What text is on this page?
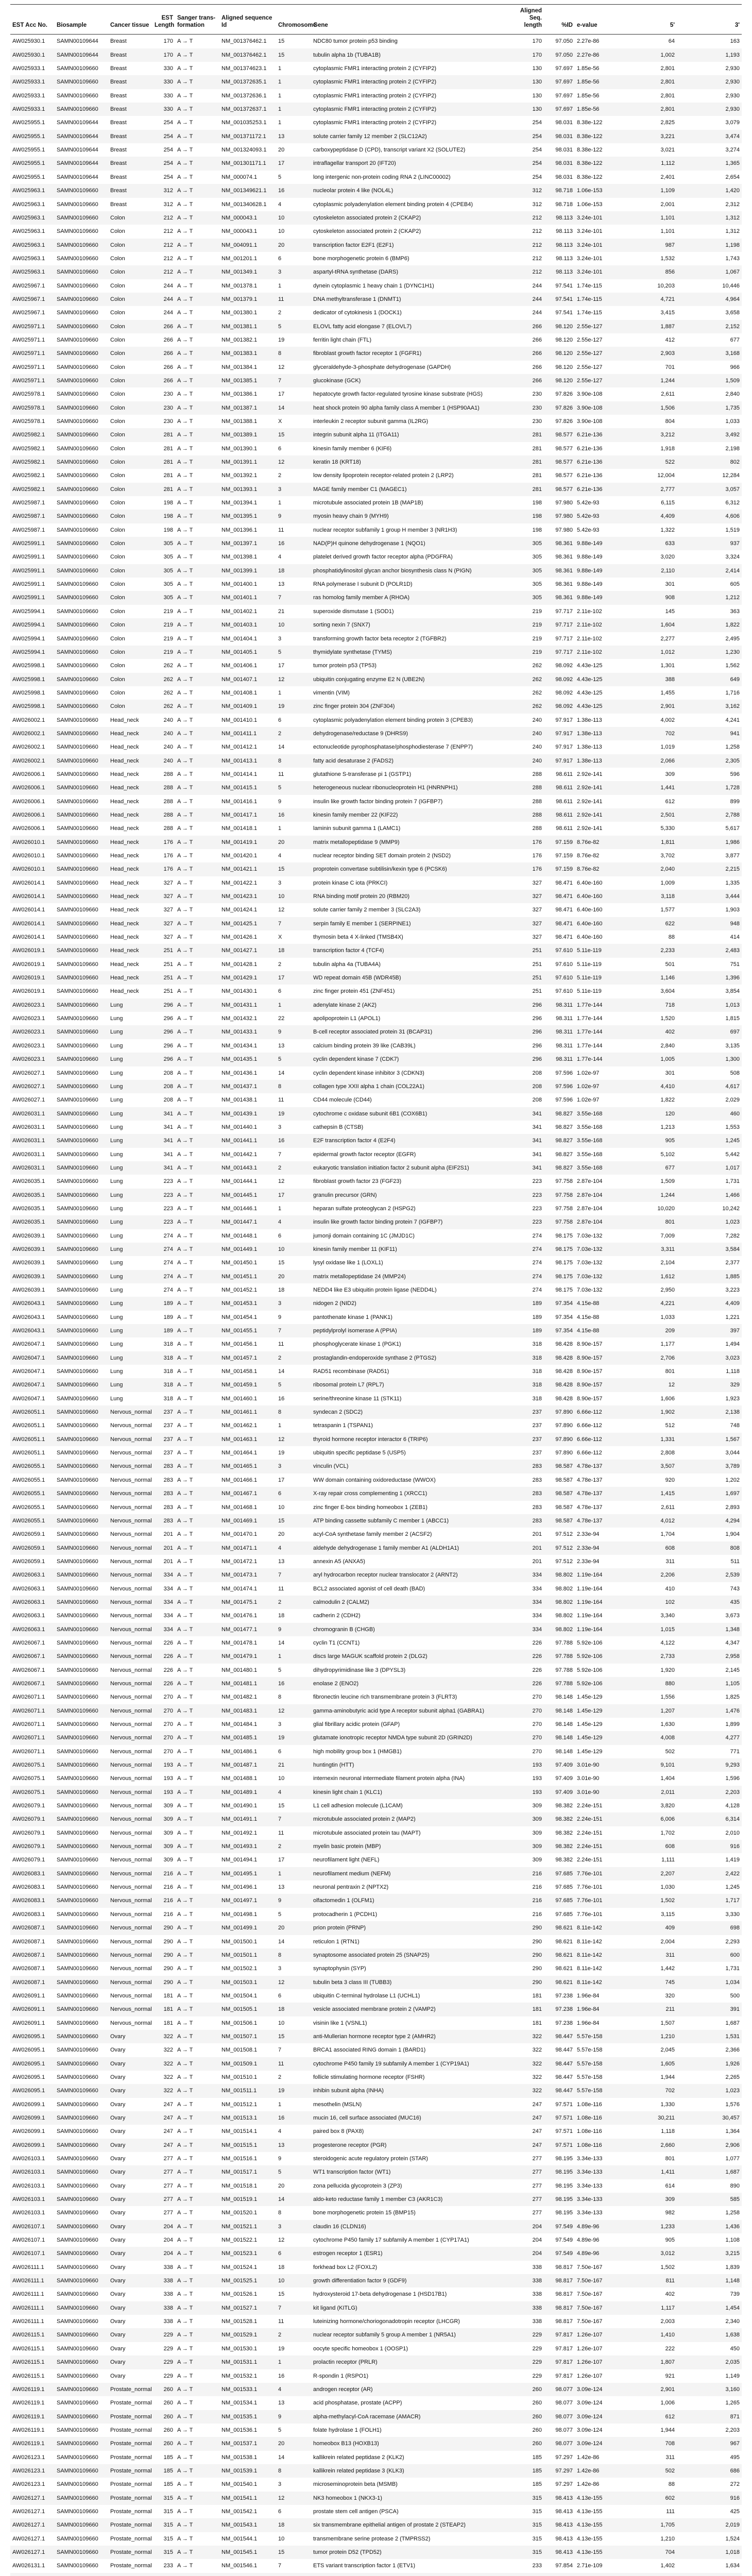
EST Acc No.	Biosample	Cancer tissue	EST Length	Sanger trans-formation	Aligned sequence Id	Chromosome	Gene	Aligned Seq. length	%ID	e-value	5'	3'
AW025930.1	SAMN00109644	Breast	170	A → T	NM_001376462.1	15	NDC80 tumor protein p53 binding	170	97.050	2.27e-86	64	163
AW025930.1	SAMN00109644	Breast	170	A → T	NM_001376462.1	15	tubulin alpha 1b (TUBA1B)	170	97.050	2.27e-86	1,002	1,193
AW025933.1	SAMN00109660	Breast	330	A → T	NM_001374623.1	1	cytoplasmic FMR1 interacting protein 2 (CYFIP2)	130	97.697	1.85e-56	2,801	2,930
AW025933.1	SAMN00109660	Breast	330	A → T	NM_001372635.1	1	cytoplasmic FMR1 interacting protein 2 (CYFIP2)	130	97.697	1.85e-56	2,801	2,930
AW025933.1	SAMN00109660	Breast	330	A → T	NM_001372636.1	1	cytoplasmic FMR1 interacting protein 2 (CYFIP2)	130	97.697	1.85e-56	2,801	2,930
AW025933.1	SAMN00109660	Breast	330	A → T	NM_001372637.1	1	cytoplasmic FMR1 interacting protein 2 (CYFIP2)	130	97.697	1.85e-56	2,801	2,930
AW025955.1	SAMN00109644	Breast	254	A → T	NM_001035253.1	1	cytoplasmic FMR1 interacting protein 2 (CYFIP2)	254	98.031	8.38e-122	2,825	3,079
AW025955.1	SAMN00109644	Breast	254	A → T	NM_001371172.1	13	solute carrier family 12 member 2 (SLC12A2)	254	98.031	8.38e-122	3,221	3,474
AW025955.1	SAMN00109644	Breast	254	A → T	NM_001324093.1	20	carboxypeptidase D (CPD), transcript variant X2 (SOLUTE2)	254	98.031	8.38e-122	3,021	3,274
AW025955.1	SAMN00109644	Breast	254	A → T	NM_001301171.1	17	intraflagellar transport 20 (IFT20)	254	98.031	8.38e-122	1,112	1,365
AW025955.1	SAMN00109644	Breast	254	A → T	NM_000074.1	5	long intergenic non-protein coding RNA 2 (LINC00002)	254	98.031	8.38e-122	2,401	2,654
AW025963.1	SAMN00109660	Breast	312	A → T	NM_001349621.1	16	nucleolar protein 4 like (NOL4L)	312	98.718	1.06e-153	1,109	1,420
AW025963.1	SAMN00109660	Breast	312	A → T	NM_001340628.1	4	cytoplasmic polyadenylation element binding protein 4 (CPEB4)	312	98.718	1.06e-153	2,001	2,312
AW025963.1	SAMN00109660	Colon	212	A → T	NM_000043.1	10	cytoskeleton associated protein 2 (CKAP2)	212	98.113	3.24e-101	1,101	1,312
AW025963.1	SAMN00109660	Colon	212	A → T	NM_000043.1	10	cytoskeleton associated protein 2 (CKAP2)	212	98.113	3.24e-101	1,101	1,312
AW025963.1	SAMN00109660	Colon	212	A → T	NM_004091.1	20	transcription factor E2F1 (E2F1)	212	98.113	3.24e-101	987	1,198
AW025963.1	SAMN00109660	Colon	212	A → T	NM_001201.1	6	bone morphogenetic protein 6 (BMP6)	212	98.113	3.24e-101	1,532	1,743
AW025963.1	SAMN00109660	Colon	212	A → T	NM_001349.1	3	aspartyl-tRNA synthetase (DARS)	212	98.113	3.24e-101	856	1,067
AW025967.1	SAMN00109660	Colon	244	A → T	NM_001378.1	1	dynein cytoplasmic 1 heavy chain 1 (DYNC1H1)	244	97.541	1.74e-115	10,203	10,446
AW025967.1	SAMN00109660	Colon	244	A → T	NM_001379.1	11	DNA methyltransferase 1 (DNMT1)	244	97.541	1.74e-115	4,721	4,964
AW025967.1	SAMN00109660	Colon	244	A → T	NM_001380.1	2	dedicator of cytokinesis 1 (DOCK1)	244	97.541	1.74e-115	3,415	3,658
AW025971.1	SAMN00109660	Colon	266	A → T	NM_001381.1	5	ELOVL fatty acid elongase 7 (ELOVL7)	266	98.120	2.55e-127	1,887	2,152
AW025971.1	SAMN00109660	Colon	266	A → T	NM_001382.1	19	ferritin light chain (FTL)	266	98.120	2.55e-127	412	677
AW025971.1	SAMN00109660	Colon	266	A → T	NM_001383.1	8	fibroblast growth factor receptor 1 (FGFR1)	266	98.120	2.55e-127	2,903	3,168
AW025971.1	SAMN00109660	Colon	266	A → T	NM_001384.1	12	glyceraldehyde-3-phosphate dehydrogenase (GAPDH)	266	98.120	2.55e-127	701	966
AW025971.1	SAMN00109660	Colon	266	A → T	NM_001385.1	7	glucokinase (GCK)	266	98.120	2.55e-127	1,244	1,509
AW025978.1	SAMN00109660	Colon	230	A → T	NM_001386.1	17	hepatocyte growth factor-regulated tyrosine kinase substrate (HGS)	230	97.826	3.90e-108	2,611	2,840
AW025978.1	SAMN00109660	Colon	230	A → T	NM_001387.1	14	heat shock protein 90 alpha family class A member 1 (HSP90AA1)	230	97.826	3.90e-108	1,506	1,735
AW025978.1	SAMN00109660	Colon	230	A → T	NM_001388.1	X	interleukin 2 receptor subunit gamma (IL2RG)	230	97.826	3.90e-108	804	1,033
AW025982.1	SAMN00109660	Colon	281	A → T	NM_001389.1	15	integrin subunit alpha 11 (ITGA11)	281	98.577	6.21e-136	3,212	3,492
AW025982.1	SAMN00109660	Colon	281	A → T	NM_001390.1	6	kinesin family member 6 (KIF6)	281	98.577	6.21e-136	1,918	2,198
AW025982.1	SAMN00109660	Colon	281	A → T	NM_001391.1	12	keratin 18 (KRT18)	281	98.577	6.21e-136	522	802
AW025982.1	SAMN00109660	Colon	281	A → T	NM_001392.1	2	low density lipoprotein receptor-related protein 2 (LRP2)	281	98.577	6.21e-136	12,004	12,284
AW025982.1	SAMN00109660	Colon	281	A → T	NM_001393.1	3	MAGE family member C1 (MAGEC1)	281	98.577	6.21e-136	2,777	3,057
AW025987.1	SAMN00109660	Colon	198	A → T	NM_001394.1	1	microtubule associated protein 1B (MAP1B)	198	97.980	5.42e-93	6,115	6,312
AW025987.1	SAMN00109660	Colon	198	A → T	NM_001395.1	9	myosin heavy chain 9 (MYH9)	198	97.980	5.42e-93	4,409	4,606
AW025987.1	SAMN00109660	Colon	198	A → T	NM_001396.1	11	nuclear receptor subfamily 1 group H member 3 (NR1H3)	198	97.980	5.42e-93	1,322	1,519
AW025991.1	SAMN00109660	Colon	305	A → T	NM_001397.1	16	NAD(P)H quinone dehydrogenase 1 (NQO1)	305	98.361	9.88e-149	633	937
AW025991.1	SAMN00109660	Colon	305	A → T	NM_001398.1	4	platelet derived growth factor receptor alpha (PDGFRA)	305	98.361	9.88e-149	3,020	3,324
AW025991.1	SAMN00109660	Colon	305	A → T	NM_001399.1	18	phosphatidylinositol glycan anchor biosynthesis class N (PIGN)	305	98.361	9.88e-149	2,110	2,414
AW025991.1	SAMN00109660	Colon	305	A → T	NM_001400.1	13	RNA polymerase I subunit D (POLR1D)	305	98.361	9.88e-149	301	605
AW025991.1	SAMN00109660	Colon	305	A → T	NM_001401.1	7	ras homolog family member A (RHOA)	305	98.361	9.88e-149	908	1,212
AW025994.1	SAMN00109660	Colon	219	A → T	NM_001402.1	21	superoxide dismutase 1 (SOD1)	219	97.717	2.11e-102	145	363
AW025994.1	SAMN00109660	Colon	219	A → T	NM_001403.1	10	sorting nexin 7 (SNX7)	219	97.717	2.11e-102	1,604	1,822
AW025994.1	SAMN00109660	Colon	219	A → T	NM_001404.1	3	transforming growth factor beta receptor 2 (TGFBR2)	219	97.717	2.11e-102	2,277	2,495
AW025994.1	SAMN00109660	Colon	219	A → T	NM_001405.1	5	thymidylate synthetase (TYMS)	219	97.717	2.11e-102	1,012	1,230
AW025998.1	SAMN00109660	Colon	262	A → T	NM_001406.1	17	tumor protein p53 (TP53)	262	98.092	4.43e-125	1,301	1,562
AW025998.1	SAMN00109660	Colon	262	A → T	NM_001407.1	12	ubiquitin conjugating enzyme E2 N (UBE2N)	262	98.092	4.43e-125	388	649
AW025998.1	SAMN00109660	Colon	262	A → T	NM_001408.1	1	vimentin (VIM)	262	98.092	4.43e-125	1,455	1,716
AW025998.1	SAMN00109660	Colon	262	A → T	NM_001409.1	19	zinc finger protein 304 (ZNF304)	262	98.092	4.43e-125	2,901	3,162
AW026002.1	SAMN00109660	Head_neck	240	A → T	NM_001410.1	6	cytoplasmic polyadenylation element binding protein 3 (CPEB3)	240	97.917	1.38e-113	4,002	4,241
AW026002.1	SAMN00109660	Head_neck	240	A → T	NM_001411.1	2	dehydrogenase/reductase 9 (DHRS9)	240	97.917	1.38e-113	702	941
AW026002.1	SAMN00109660	Head_neck	240	A → T	NM_001412.1	14	ectonucleotide pyrophosphatase/phosphodiesterase 7 (ENPP7)	240	97.917	1.38e-113	1,019	1,258
AW026002.1	SAMN00109660	Head_neck	240	A → T	NM_001413.1	8	fatty acid desaturase 2 (FADS2)	240	97.917	1.38e-113	2,066	2,305
AW026006.1	SAMN00109660	Head_neck	288	A → T	NM_001414.1	11	glutathione S-transferase pi 1 (GSTP1)	288	98.611	2.92e-141	309	596
AW026006.1	SAMN00109660	Head_neck	288	A → T	NM_001415.1	5	heterogeneous nuclear ribonucleoprotein H1 (HNRNPH1)	288	98.611	2.92e-141	1,441	1,728
AW026006.1	SAMN00109660	Head_neck	288	A → T	NM_001416.1	9	insulin like growth factor binding protein 7 (IGFBP7)	288	98.611	2.92e-141	612	899
AW026006.1	SAMN00109660	Head_neck	288	A → T	NM_001417.1	16	kinesin family member 22 (KIF22)	288	98.611	2.92e-141	2,501	2,788
AW026006.1	SAMN00109660	Head_neck	288	A → T	NM_001418.1	1	laminin subunit gamma 1 (LAMC1)	288	98.611	2.92e-141	5,330	5,617
AW026010.1	SAMN00109660	Head_neck	176	A → T	NM_001419.1	20	matrix metallopeptidase 9 (MMP9)	176	97.159	8.76e-82	1,811	1,986
AW026010.1	SAMN00109660	Head_neck	176	A → T	NM_001420.1	4	nuclear receptor binding SET domain protein 2 (NSD2)	176	97.159	8.76e-82	3,702	3,877
AW026010.1	SAMN00109660	Head_neck	176	A → T	NM_001421.1	15	proprotein convertase subtilisin/kexin type 6 (PCSK6)	176	97.159	8.76e-82	2,040	2,215
AW026014.1	SAMN00109660	Head_neck	327	A → T	NM_001422.1	3	protein kinase C iota (PRKCI)	327	98.471	6.40e-160	1,009	1,335
AW026014.1	SAMN00109660	Head_neck	327	A → T	NM_001423.1	10	RNA binding motif protein 20 (RBM20)	327	98.471	6.40e-160	3,118	3,444
AW026014.1	SAMN00109660	Head_neck	327	A → T	NM_001424.1	12	solute carrier family 2 member 3 (SLC2A3)	327	98.471	6.40e-160	1,577	1,903
AW026014.1	SAMN00109660	Head_neck	327	A → T	NM_001425.1	7	serpin family E member 1 (SERPINE1)	327	98.471	6.40e-160	622	948
AW026014.1	SAMN00109660	Head_neck	327	A → T	NM_001426.1	X	thymosin beta 4 X-linked (TMSB4X)	327	98.471	6.40e-160	88	414
AW026019.1	SAMN00109660	Head_neck	251	A → T	NM_001427.1	18	transcription factor 4 (TCF4)	251	97.610	5.11e-119	2,233	2,483
AW026019.1	SAMN00109660	Head_neck	251	A → T	NM_001428.1	2	tubulin alpha 4a (TUBA4A)	251	97.610	5.11e-119	501	751
AW026019.1	SAMN00109660	Head_neck	251	A → T	NM_001429.1	17	WD repeat domain 45B (WDR45B)	251	97.610	5.11e-119	1,146	1,396
AW026019.1	SAMN00109660	Head_neck	251	A → T	NM_001430.1	6	zinc finger protein 451 (ZNF451)	251	97.610	5.11e-119	3,604	3,854
AW026023.1	SAMN00109660	Lung	296	A → T	NM_001431.1	1	adenylate kinase 2 (AK2)	296	98.311	1.77e-144	718	1,013
AW026023.1	SAMN00109660	Lung	296	A → T	NM_001432.1	22	apolipoprotein L1 (APOL1)	296	98.311	1.77e-144	1,520	1,815
AW026023.1	SAMN00109660	Lung	296	A → T	NM_001433.1	9	B-cell receptor associated protein 31 (BCAP31)	296	98.311	1.77e-144	402	697
AW026023.1	SAMN00109660	Lung	296	A → T	NM_001434.1	13	calcium binding protein 39 like (CAB39L)	296	98.311	1.77e-144	2,840	3,135
AW026023.1	SAMN00109660	Lung	296	A → T	NM_001435.1	5	cyclin dependent kinase 7 (CDK7)	296	98.311	1.77e-144	1,005	1,300
AW026027.1	SAMN00109660	Lung	208	A → T	NM_001436.1	14	cyclin dependent kinase inhibitor 3 (CDKN3)	208	97.596	1.02e-97	301	508
AW026027.1	SAMN00109660	Lung	208	A → T	NM_001437.1	8	collagen type XXII alpha 1 chain (COL22A1)	208	97.596	1.02e-97	4,410	4,617
AW026027.1	SAMN00109660	Lung	208	A → T	NM_001438.1	11	CD44 molecule (CD44)	208	97.596	1.02e-97	1,822	2,029
AW026031.1	SAMN00109660	Lung	341	A → T	NM_001439.1	19	cytochrome c oxidase subunit 6B1 (COX6B1)	341	98.827	3.55e-168	120	460
AW026031.1	SAMN00109660	Lung	341	A → T	NM_001440.1	3	cathepsin B (CTSB)	341	98.827	3.55e-168	1,213	1,553
AW026031.1	SAMN00109660	Lung	341	A → T	NM_001441.1	16	E2F transcription factor 4 (E2F4)	341	98.827	3.55e-168	905	1,245
AW026031.1	SAMN00109660	Lung	341	A → T	NM_001442.1	7	epidermal growth factor receptor (EGFR)	341	98.827	3.55e-168	5,102	5,442
AW026031.1	SAMN00109660	Lung	341	A → T	NM_001443.1	2	eukaryotic translation initiation factor 2 subunit alpha (EIF2S1)	341	98.827	3.55e-168	677	1,017
AW026035.1	SAMN00109660	Lung	223	A → T	NM_001444.1	12	fibroblast growth factor 23 (FGF23)	223	97.758	2.87e-104	1,509	1,731
AW026035.1	SAMN00109660	Lung	223	A → T	NM_001445.1	17	granulin precursor (GRN)	223	97.758	2.87e-104	1,244	1,466
AW026035.1	SAMN00109660	Lung	223	A → T	NM_001446.1	1	heparan sulfate proteoglycan 2 (HSPG2)	223	97.758	2.87e-104	10,020	10,242
AW026035.1	SAMN00109660	Lung	223	A → T	NM_001447.1	4	insulin like growth factor binding protein 7 (IGFBP7)	223	97.758	2.87e-104	801	1,023
AW026039.1	SAMN00109660	Lung	274	A → T	NM_001448.1	6	jumonji domain containing 1C (JMJD1C)	274	98.175	7.03e-132	7,009	7,282
AW026039.1	SAMN00109660	Lung	274	A → T	NM_001449.1	10	kinesin family member 11 (KIF11)	274	98.175	7.03e-132	3,311	3,584
AW026039.1	SAMN00109660	Lung	274	A → T	NM_001450.1	15	lysyl oxidase like 1 (LOXL1)	274	98.175	7.03e-132	2,104	2,377
AW026039.1	SAMN00109660	Lung	274	A → T	NM_001451.1	20	matrix metallopeptidase 24 (MMP24)	274	98.175	7.03e-132	1,612	1,885
AW026039.1	SAMN00109660	Lung	274	A → T	NM_001452.1	18	NEDD4 like E3 ubiquitin protein ligase (NEDD4L)	274	98.175	7.03e-132	2,950	3,223
AW026043.1	SAMN00109660	Lung	189	A → T	NM_001453.1	3	nidogen 2 (NID2)	189	97.354	4.15e-88	4,221	4,409
AW026043.1	SAMN00109660	Lung	189	A → T	NM_001454.1	9	pantothenate kinase 1 (PANK1)	189	97.354	4.15e-88	1,033	1,221
AW026043.1	SAMN00109660	Lung	189	A → T	NM_001455.1	7	peptidylprolyl isomerase A (PPIA)	189	97.354	4.15e-88	209	397
AW026047.1	SAMN00109660	Lung	318	A → T	NM_001456.1	11	phosphoglycerate kinase 1 (PGK1)	318	98.428	8.90e-157	1,177	1,494
AW026047.1	SAMN00109660	Lung	318	A → T	NM_001457.1	2	prostaglandin-endoperoxide synthase 2 (PTGS2)	318	98.428	8.90e-157	2,706	3,023
AW026047.1	SAMN00109660	Lung	318	A → T	NM_001458.1	14	RAD51 recombinase (RAD51)	318	98.428	8.90e-157	801	1,118
AW026047.1	SAMN00109660	Lung	318	A → T	NM_001459.1	5	ribosomal protein L7 (RPL7)	318	98.428	8.90e-157	12	329
AW026047.1	SAMN00109660	Lung	318	A → T	NM_001460.1	16	serine/threonine kinase 11 (STK11)	318	98.428	8.90e-157	1,606	1,923
AW026051.1	SAMN00109660	Nervous_normal	237	A → T	NM_001461.1	8	syndecan 2 (SDC2)	237	97.890	6.66e-112	1,902	2,138
AW026051.1	SAMN00109660	Nervous_normal	237	A → T	NM_001462.1	1	tetraspanin 1 (TSPAN1)	237	97.890	6.66e-112	512	748
AW026051.1	SAMN00109660	Nervous_normal	237	A → T	NM_001463.1	12	thyroid hormone receptor interactor 6 (TRIP6)	237	97.890	6.66e-112	1,331	1,567
AW026051.1	SAMN00109660	Nervous_normal	237	A → T	NM_001464.1	19	ubiquitin specific peptidase 5 (USP5)	237	97.890	6.66e-112	2,808	3,044
AW026055.1	SAMN00109660	Nervous_normal	283	A → T	NM_001465.1	3	vinculin (VCL)	283	98.587	4.78e-137	3,507	3,789
AW026055.1	SAMN00109660	Nervous_normal	283	A → T	NM_001466.1	17	WW domain containing oxidoreductase (WWOX)	283	98.587	4.78e-137	920	1,202
AW026055.1	SAMN00109660	Nervous_normal	283	A → T	NM_001467.1	6	X-ray repair cross complementing 1 (XRCC1)	283	98.587	4.78e-137	1,415	1,697
AW026055.1	SAMN00109660	Nervous_normal	283	A → T	NM_001468.1	10	zinc finger E-box binding homeobox 1 (ZEB1)	283	98.587	4.78e-137	2,611	2,893
AW026055.1	SAMN00109660	Nervous_normal	283	A → T	NM_001469.1	15	ATP binding cassette subfamily C member 1 (ABCC1)	283	98.587	4.78e-137	4,012	4,294
AW026059.1	SAMN00109660	Nervous_normal	201	A → T	NM_001470.1	20	acyl-CoA synthetase family member 2 (ACSF2)	201	97.512	2.33e-94	1,704	1,904
AW026059.1	SAMN00109660	Nervous_normal	201	A → T	NM_001471.1	4	aldehyde dehydrogenase 1 family member A1 (ALDH1A1)	201	97.512	2.33e-94	608	808
AW026059.1	SAMN00109660	Nervous_normal	201	A → T	NM_001472.1	13	annexin A5 (ANXA5)	201	97.512	2.33e-94	311	511
AW026063.1	SAMN00109660	Nervous_normal	334	A → T	NM_001473.1	7	aryl hydrocarbon receptor nuclear translocator 2 (ARNT2)	334	98.802	1.19e-164	2,206	2,539
AW026063.1	SAMN00109660	Nervous_normal	334	A → T	NM_001474.1	11	BCL2 associated agonist of cell death (BAD)	334	98.802	1.19e-164	410	743
AW026063.1	SAMN00109660	Nervous_normal	334	A → T	NM_001475.1	2	calmodulin 2 (CALM2)	334	98.802	1.19e-164	102	435
AW026063.1	SAMN00109660	Nervous_normal	334	A → T	NM_001476.1	18	cadherin 2 (CDH2)	334	98.802	1.19e-164	3,340	3,673
AW026063.1	SAMN00109660	Nervous_normal	334	A → T	NM_001477.1	9	chromogranin B (CHGB)	334	98.802	1.19e-164	1,015	1,348
AW026067.1	SAMN00109660	Nervous_normal	226	A → T	NM_001478.1	14	cyclin T1 (CCNT1)	226	97.788	5.92e-106	4,122	4,347
AW026067.1	SAMN00109660	Nervous_normal	226	A → T	NM_001479.1	1	discs large MAGUK scaffold protein 2 (DLG2)	226	97.788	5.92e-106	2,733	2,958
AW026067.1	SAMN00109660	Nervous_normal	226	A → T	NM_001480.1	5	dihydropyrimidinase like 3 (DPYSL3)	226	97.788	5.92e-106	1,920	2,145
AW026067.1	SAMN00109660	Nervous_normal	226	A → T	NM_001481.1	16	enolase 2 (ENO2)	226	97.788	5.92e-106	880	1,105
AW026071.1	SAMN00109660	Nervous_normal	270	A → T	NM_001482.1	8	fibronectin leucine rich transmembrane protein 3 (FLRT3)	270	98.148	1.45e-129	1,556	1,825
AW026071.1	SAMN00109660	Nervous_normal	270	A → T	NM_001483.1	12	gamma-aminobutyric acid type A receptor subunit alpha1 (GABRA1)	270	98.148	1.45e-129	1,207	1,476
AW026071.1	SAMN00109660	Nervous_normal	270	A → T	NM_001484.1	3	glial fibrillary acidic protein (GFAP)	270	98.148	1.45e-129	1,630	1,899
AW026071.1	SAMN00109660	Nervous_normal	270	A → T	NM_001485.1	19	glutamate ionotropic receptor NMDA type subunit 2D (GRIN2D)	270	98.148	1.45e-129	4,008	4,277
AW026071.1	SAMN00109660	Nervous_normal	270	A → T	NM_001486.1	6	high mobility group box 1 (HMGB1)	270	98.148	1.45e-129	502	771
AW026075.1	SAMN00109660	Nervous_normal	193	A → T	NM_001487.1	21	huntingtin (HTT)	193	97.409	3.01e-90	9,101	9,293
AW026075.1	SAMN00109660	Nervous_normal	193	A → T	NM_001488.1	10	internexin neuronal intermediate filament protein alpha (INA)	193	97.409	3.01e-90	1,404	1,596
AW026075.1	SAMN00109660	Nervous_normal	193	A → T	NM_001489.1	4	kinesin light chain 1 (KLC1)	193	97.409	3.01e-90	2,011	2,203
AW026079.1	SAMN00109660	Nervous_normal	309	A → T	NM_001490.1	15	L1 cell adhesion molecule (L1CAM)	309	98.382	2.24e-151	3,820	4,128
AW026079.1	SAMN00109660	Nervous_normal	309	A → T	NM_001491.1	7	microtubule associated protein 2 (MAP2)	309	98.382	2.24e-151	6,006	6,314
AW026079.1	SAMN00109660	Nervous_normal	309	A → T	NM_001492.1	11	microtubule associated protein tau (MAPT)	309	98.382	2.24e-151	1,702	2,010
AW026079.1	SAMN00109660	Nervous_normal	309	A → T	NM_001493.1	2	myelin basic protein (MBP)	309	98.382	2.24e-151	608	916
AW026079.1	SAMN00109660	Nervous_normal	309	A → T	NM_001494.1	17	neurofilament light (NEFL)	309	98.382	2.24e-151	1,111	1,419
AW026083.1	SAMN00109660	Nervous_normal	216	A → T	NM_001495.1	1	neurofilament medium (NEFM)	216	97.685	7.76e-101	2,207	2,422
AW026083.1	SAMN00109660	Nervous_normal	216	A → T	NM_001496.1	13	neuronal pentraxin 2 (NPTX2)	216	97.685	7.76e-101	1,030	1,245
AW026083.1	SAMN00109660	Nervous_normal	216	A → T	NM_001497.1	9	olfactomedin 1 (OLFM1)	216	97.685	7.76e-101	1,502	1,717
AW026083.1	SAMN00109660	Nervous_normal	216	A → T	NM_001498.1	5	protocadherin 1 (PCDH1)	216	97.685	7.76e-101	3,115	3,330
AW026087.1	SAMN00109660	Nervous_normal	290	A → T	NM_001499.1	20	prion protein (PRNP)	290	98.621	8.11e-142	409	698
AW026087.1	SAMN00109660	Nervous_normal	290	A → T	NM_001500.1	14	reticulon 1 (RTN1)	290	98.621	8.11e-142	2,004	2,293
AW026087.1	SAMN00109660	Nervous_normal	290	A → T	NM_001501.1	8	synaptosome associated protein 25 (SNAP25)	290	98.621	8.11e-142	311	600
AW026087.1	SAMN00109660	Nervous_normal	290	A → T	NM_001502.1	3	synaptophysin (SYP)	290	98.621	8.11e-142	1,442	1,731
AW026087.1	SAMN00109660	Nervous_normal	290	A → T	NM_001503.1	12	tubulin beta 3 class III (TUBB3)	290	98.621	8.11e-142	745	1,034
AW026091.1	SAMN00109660	Nervous_normal	181	A → T	NM_001504.1	6	ubiquitin C-terminal hydrolase L1 (UCHL1)	181	97.238	1.96e-84	320	500
AW026091.1	SAMN00109660	Nervous_normal	181	A → T	NM_001505.1	18	vesicle associated membrane protein 2 (VAMP2)	181	97.238	1.96e-84	211	391
AW026091.1	SAMN00109660	Nervous_normal	181	A → T	NM_001506.1	10	visinin like 1 (VSNL1)	181	97.238	1.96e-84	1,507	1,687
AW026095.1	SAMN00109660	Ovary	322	A → T	NM_001507.1	15	anti-Mullerian hormone receptor type 2 (AMHR2)	322	98.447	5.57e-158	1,210	1,531
AW026095.1	SAMN00109660	Ovary	322	A → T	NM_001508.1	7	BRCA1 associated RING domain 1 (BARD1)	322	98.447	5.57e-158	2,045	2,366
AW026095.1	SAMN00109660	Ovary	322	A → T	NM_001509.1	11	cytochrome P450 family 19 subfamily A member 1 (CYP19A1)	322	98.447	5.57e-158	1,605	1,926
AW026095.1	SAMN00109660	Ovary	322	A → T	NM_001510.1	2	follicle stimulating hormone receptor (FSHR)	322	98.447	5.57e-158	1,944	2,265
AW026095.1	SAMN00109660	Ovary	322	A → T	NM_001511.1	19	inhibin subunit alpha (INHA)	322	98.447	5.57e-158	702	1,023
AW026099.1	SAMN00109660	Ovary	247	A → T	NM_001512.1	1	mesothelin (MSLN)	247	97.571	1.08e-116	1,330	1,576
AW026099.1	SAMN00109660	Ovary	247	A → T	NM_001513.1	16	mucin 16, cell surface associated (MUC16)	247	97.571	1.08e-116	30,211	30,457
AW026099.1	SAMN00109660	Ovary	247	A → T	NM_001514.1	4	paired box 8 (PAX8)	247	97.571	1.08e-116	1,118	1,364
AW026099.1	SAMN00109660	Ovary	247	A → T	NM_001515.1	13	progesterone receptor (PGR)	247	97.571	1.08e-116	2,660	2,906
AW026103.1	SAMN00109660	Ovary	277	A → T	NM_001516.1	9	steroidogenic acute regulatory protein (STAR)	277	98.195	3.34e-133	801	1,077
AW026103.1	SAMN00109660	Ovary	277	A → T	NM_001517.1	5	WT1 transcription factor (WT1)	277	98.195	3.34e-133	1,411	1,687
AW026103.1	SAMN00109660	Ovary	277	A → T	NM_001518.1	20	zona pellucida glycoprotein 3 (ZP3)	277	98.195	3.34e-133	614	890
AW026103.1	SAMN00109660	Ovary	277	A → T	NM_001519.1	14	aldo-keto reductase family 1 member C3 (AKR1C3)	277	98.195	3.34e-133	309	585
AW026103.1	SAMN00109660	Ovary	277	A → T	NM_001520.1	8	bone morphogenetic protein 15 (BMP15)	277	98.195	3.34e-133	982	1,258
AW026107.1	SAMN00109660	Ovary	204	A → T	NM_001521.1	3	claudin 16 (CLDN16)	204	97.549	4.89e-96	1,233	1,436
AW026107.1	SAMN00109660	Ovary	204	A → T	NM_001522.1	12	cytochrome P450 family 17 subfamily A member 1 (CYP17A1)	204	97.549	4.89e-96	905	1,108
AW026107.1	SAMN00109660	Ovary	204	A → T	NM_001523.1	6	estrogen receptor 1 (ESR1)	204	97.549	4.89e-96	3,012	3,215
AW026111.1	SAMN00109660	Ovary	338	A → T	NM_001524.1	18	forkhead box L2 (FOXL2)	338	98.817	7.50e-167	1,502	1,839
AW026111.1	SAMN00109660	Ovary	338	A → T	NM_001525.1	10	growth differentiation factor 9 (GDF9)	338	98.817	7.50e-167	811	1,148
AW026111.1	SAMN00109660	Ovary	338	A → T	NM_001526.1	15	hydroxysteroid 17-beta dehydrogenase 1 (HSD17B1)	338	98.817	7.50e-167	402	739
AW026111.1	SAMN00109660	Ovary	338	A → T	NM_001527.1	7	kit ligand (KITLG)	338	98.817	7.50e-167	1,117	1,454
AW026111.1	SAMN00109660	Ovary	338	A → T	NM_001528.1	11	luteinizing hormone/choriogonadotropin receptor (LHCGR)	338	98.817	7.50e-167	2,003	2,340
AW026115.1	SAMN00109660	Ovary	229	A → T	NM_001529.1	2	nuclear receptor subfamily 5 group A member 1 (NR5A1)	229	97.817	1.26e-107	1,410	1,638
AW026115.1	SAMN00109660	Ovary	229	A → T	NM_001530.1	19	oocyte specific homeobox 1 (OOSP1)	229	97.817	1.26e-107	222	450
AW026115.1	SAMN00109660	Ovary	229	A → T	NM_001531.1	1	prolactin receptor (PRLR)	229	97.817	1.26e-107	1,807	2,035
AW026115.1	SAMN00109660	Ovary	229	A → T	NM_001532.1	16	R-spondin 1 (RSPO1)	229	97.817	1.26e-107	921	1,149
AW026119.1	SAMN00109660	Prostate_normal	260	A → T	NM_001533.1	4	androgen receptor (AR)	260	98.077	3.09e-124	2,901	3,160
AW026119.1	SAMN00109660	Prostate_normal	260	A → T	NM_001534.1	13	acid phosphatase, prostate (ACPP)	260	98.077	3.09e-124	1,006	1,265
AW026119.1	SAMN00109660	Prostate_normal	260	A → T	NM_001535.1	9	alpha-methylacyl-CoA racemase (AMACR)	260	98.077	3.09e-124	612	871
AW026119.1	SAMN00109660	Prostate_normal	260	A → T	NM_001536.1	5	folate hydrolase 1 (FOLH1)	260	98.077	3.09e-124	1,944	2,203
AW026119.1	SAMN00109660	Prostate_normal	260	A → T	NM_001537.1	20	homeobox B13 (HOXB13)	260	98.077	3.09e-124	708	967
AW026123.1	SAMN00109660	Prostate_normal	185	A → T	NM_001538.1	14	kallikrein related peptidase 2 (KLK2)	185	97.297	1.42e-86	311	495
AW026123.1	SAMN00109660	Prostate_normal	185	A → T	NM_001539.1	8	kallikrein related peptidase 3 (KLK3)	185	97.297	1.42e-86	502	686
AW026123.1	SAMN00109660	Prostate_normal	185	A → T	NM_001540.1	3	microseminoprotein beta (MSMB)	185	97.297	1.42e-86	88	272
AW026127.1	SAMN00109660	Prostate_normal	315	A → T	NM_001541.1	12	NK3 homeobox 1 (NKX3-1)	315	98.413	4.13e-155	602	916
AW026127.1	SAMN00109660	Prostate_normal	315	A → T	NM_001542.1	6	prostate stem cell antigen (PSCA)	315	98.413	4.13e-155	111	425
AW026127.1	SAMN00109660	Prostate_normal	315	A → T	NM_001543.1	18	six transmembrane epithelial antigen of prostate 2 (STEAP2)	315	98.413	4.13e-155	1,705	2,019
AW026127.1	SAMN00109660	Prostate_normal	315	A → T	NM_001544.1	10	transmembrane serine protease 2 (TMPRSS2)	315	98.413	4.13e-155	1,210	1,524
AW026127.1	SAMN00109660	Prostate_normal	315	A → T	NM_001545.1	15	tumor protein D52 (TPD52)	315	98.413	4.13e-155	704	1,018
AW026131.1	SAMN00109660	Prostate_normal	233	A → T	NM_001546.1	7	ETS variant transcription factor 1 (ETV1)	233	97.854	2.71e-109	1,402	1,634
